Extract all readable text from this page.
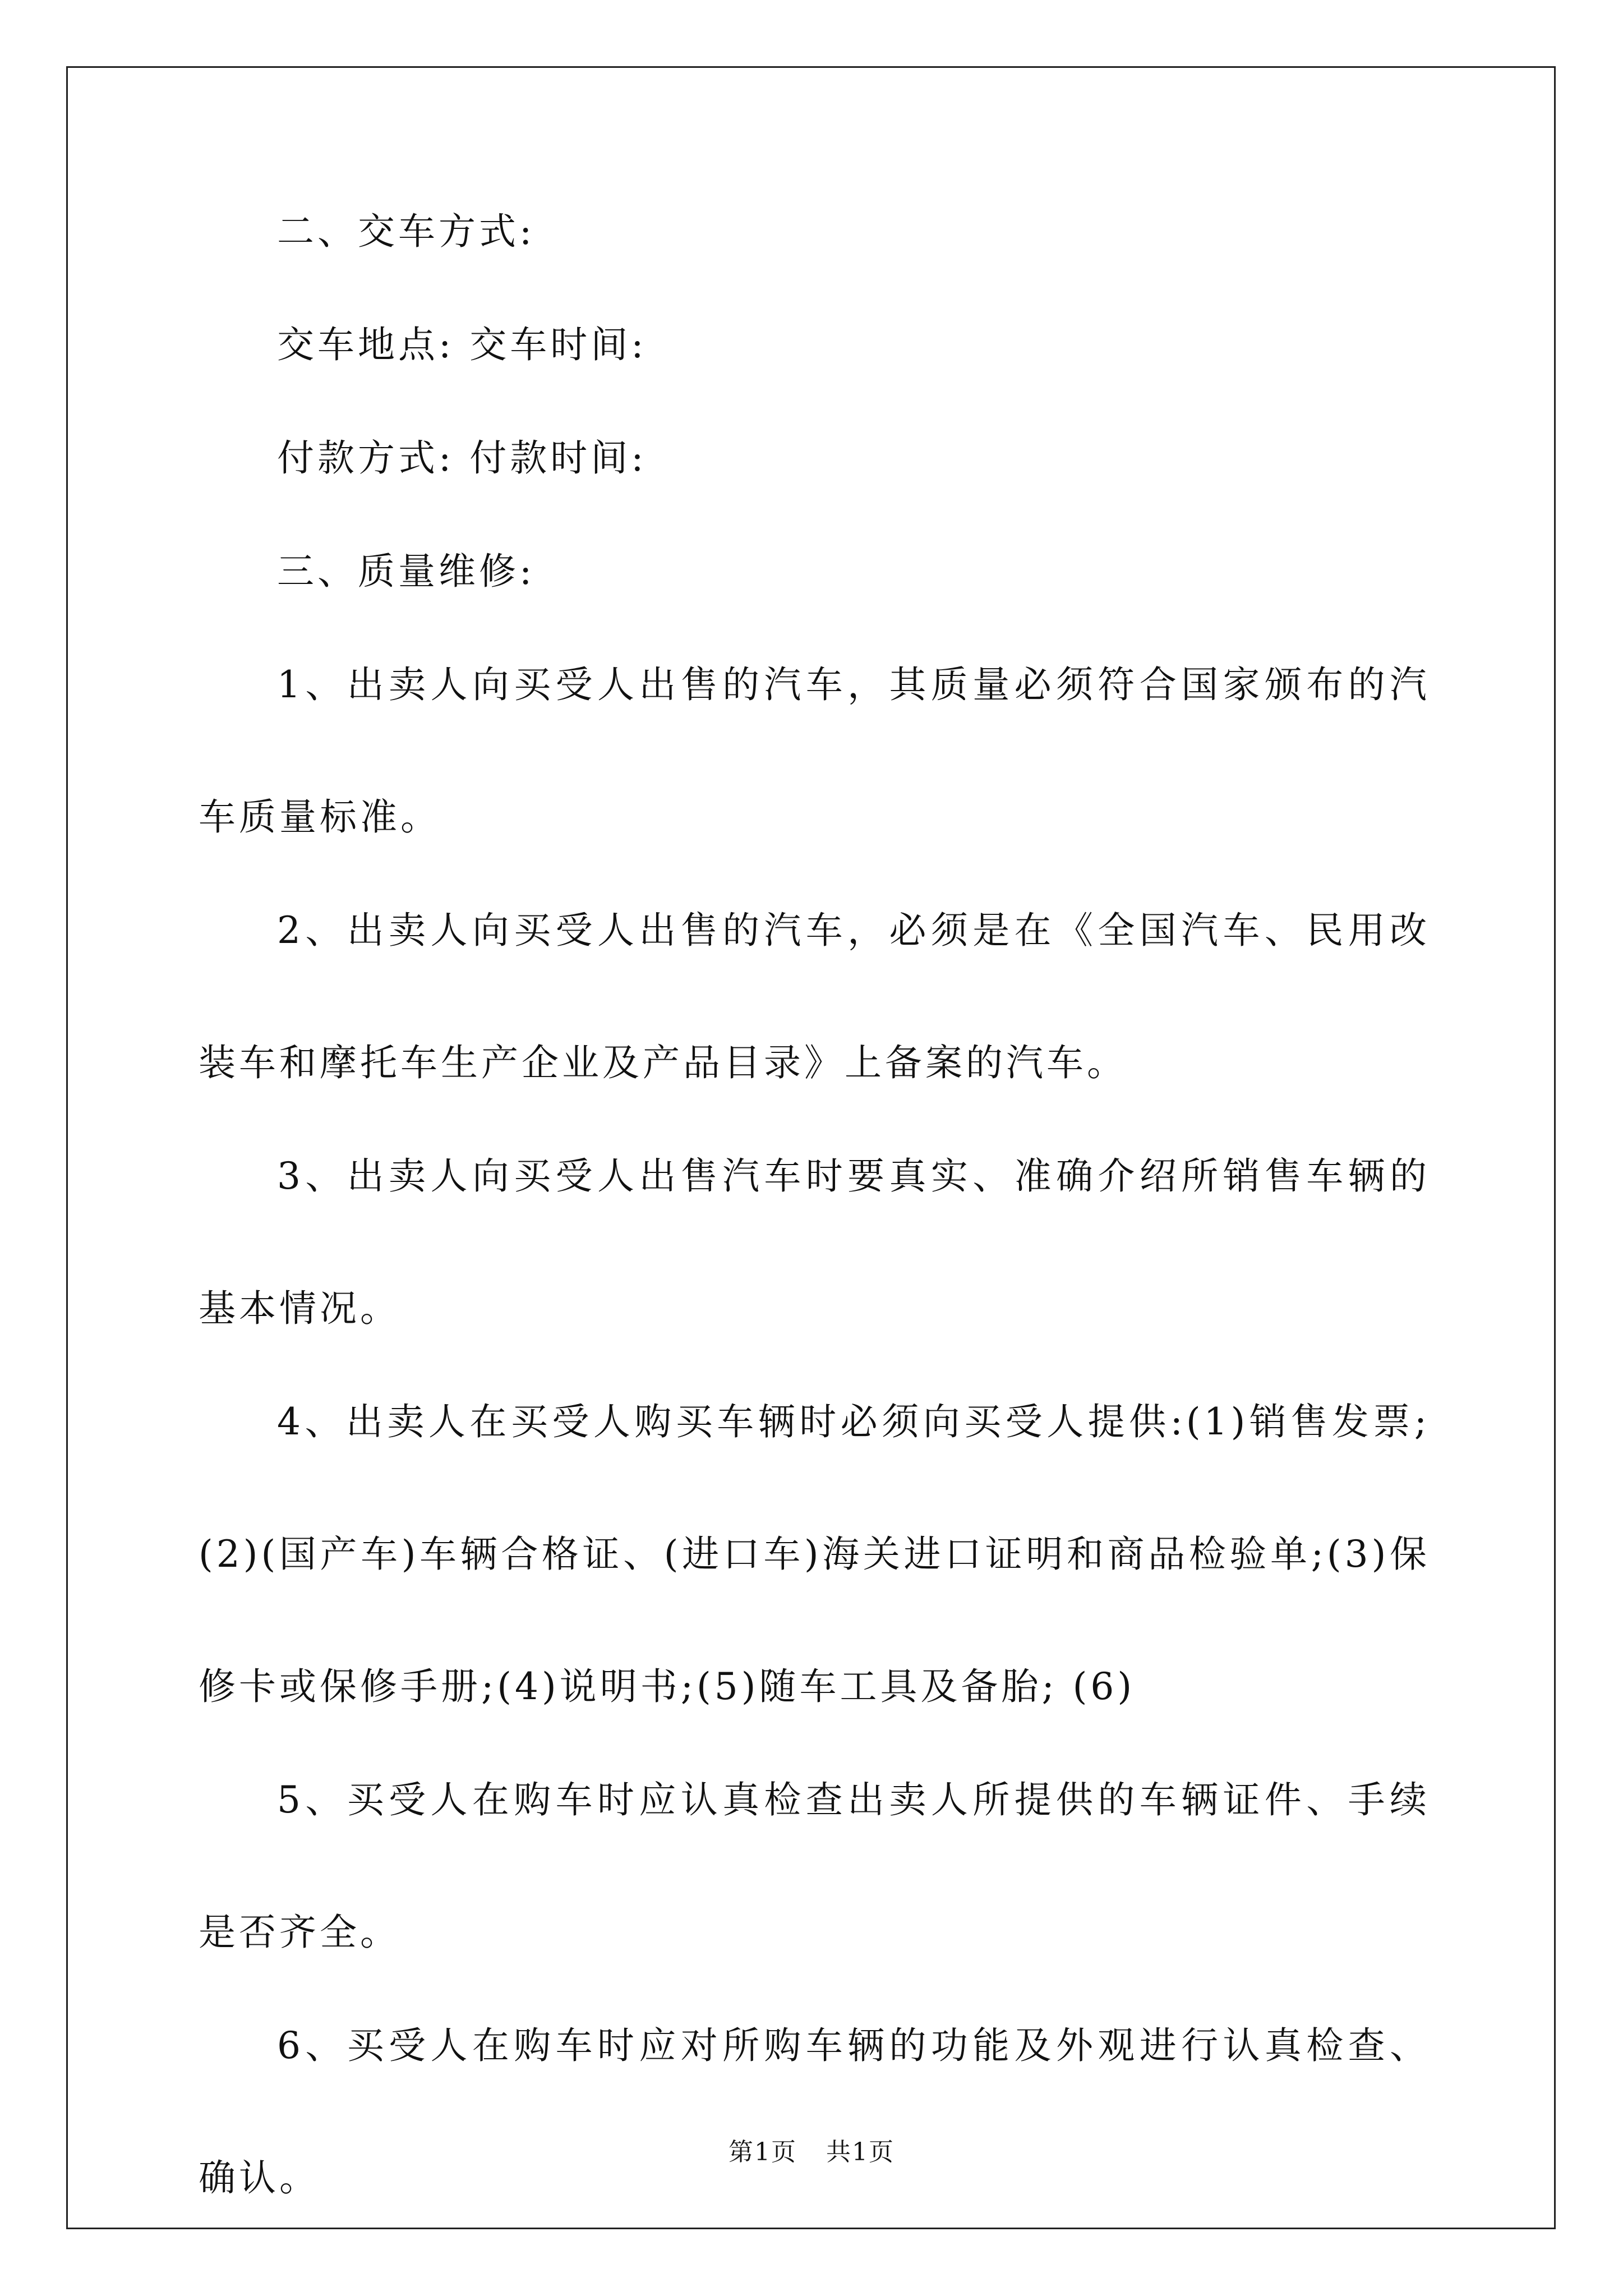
二、交车方式:

交车地点: 交车时间:

付款方式: 付款时间:

三、质量维修:

1、出卖人向买受人出售的汽车，其质量必须符合国家颁布的汽车质量标准。

2、出卖人向买受人出售的汽车，必须是在《全国汽车、民用改装车和摩托车生产企业及产品目录》上备案的汽车。

3、出卖人向买受人出售汽车时要真实、准确介绍所销售车辆的基本情况。

4、出卖人在买受人购买车辆时必须向买受人提供:(1)销售发票;(2)(国产车)车辆合格证、(进口车)海关进口证明和商品检验单;(3)保修卡或保修手册;(4)说明书;(5)随车工具及备胎; (6)

5、买受人在购车时应认真检查出卖人所提供的车辆证件、手续是否齐全。

6、买受人在购车时应对所购车辆的功能及外观进行认真检查、确认。

第1页 共1页
